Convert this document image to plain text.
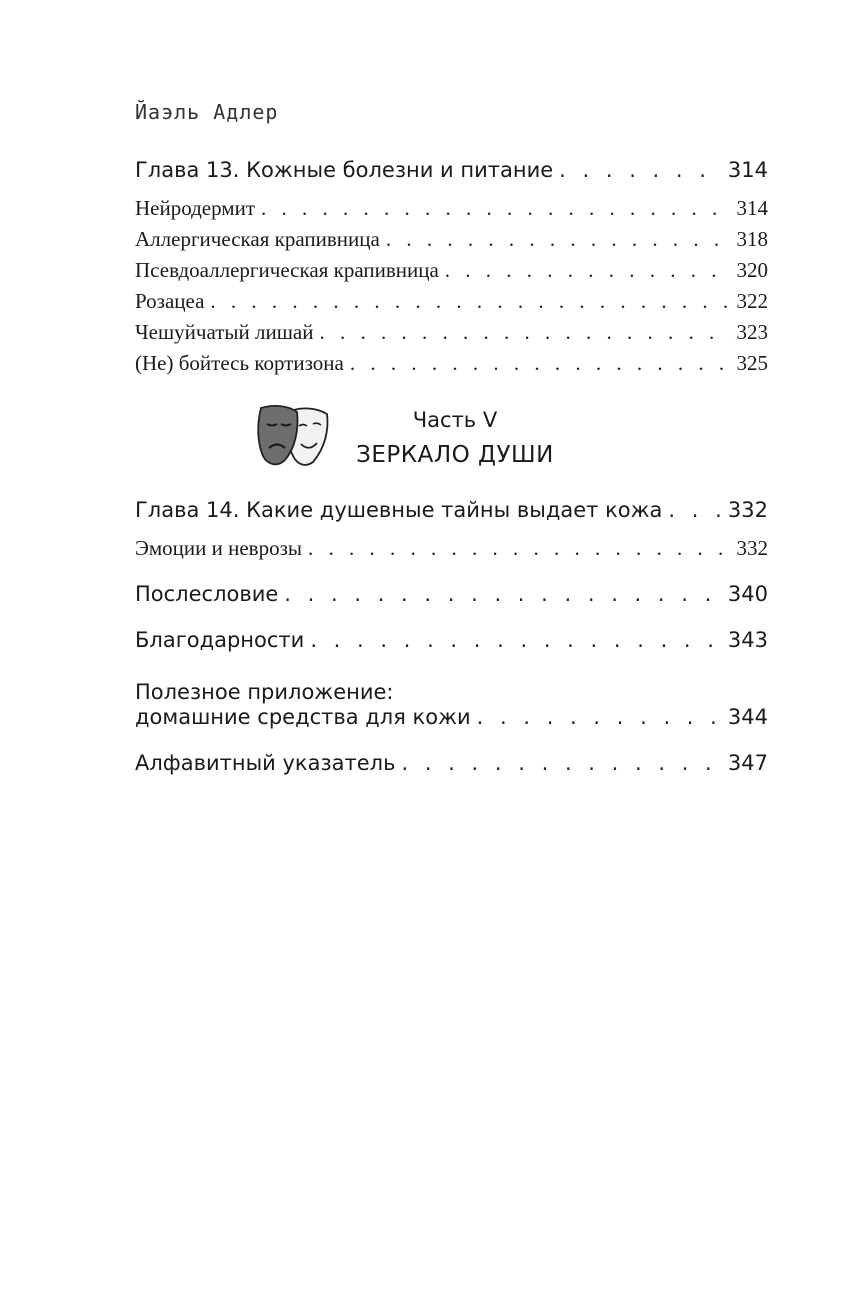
Йаэль Адлер
Глава 13. Кожные болезни и питание . . .	314
Нейродермит . . .	314
Аллергическая крапивница . . .	318
Псевдоаллергическая крапивница . . .	320
Розацеа . . .	322
Чешуйчатый лишай . . .	323
(Не) бойтесь кортизона . . .	325
Часть V
ЗЕРКАЛО ДУШИ
Глава 14. Какие душевные тайны выдает кожа . . .	332
Эмоции и неврозы . . .	332
Послесловие . . .	340
Благодарности . . .	343
Полезное приложение:
домашние средства для кожи . . .	344
Алфавитный указатель . . .	347
